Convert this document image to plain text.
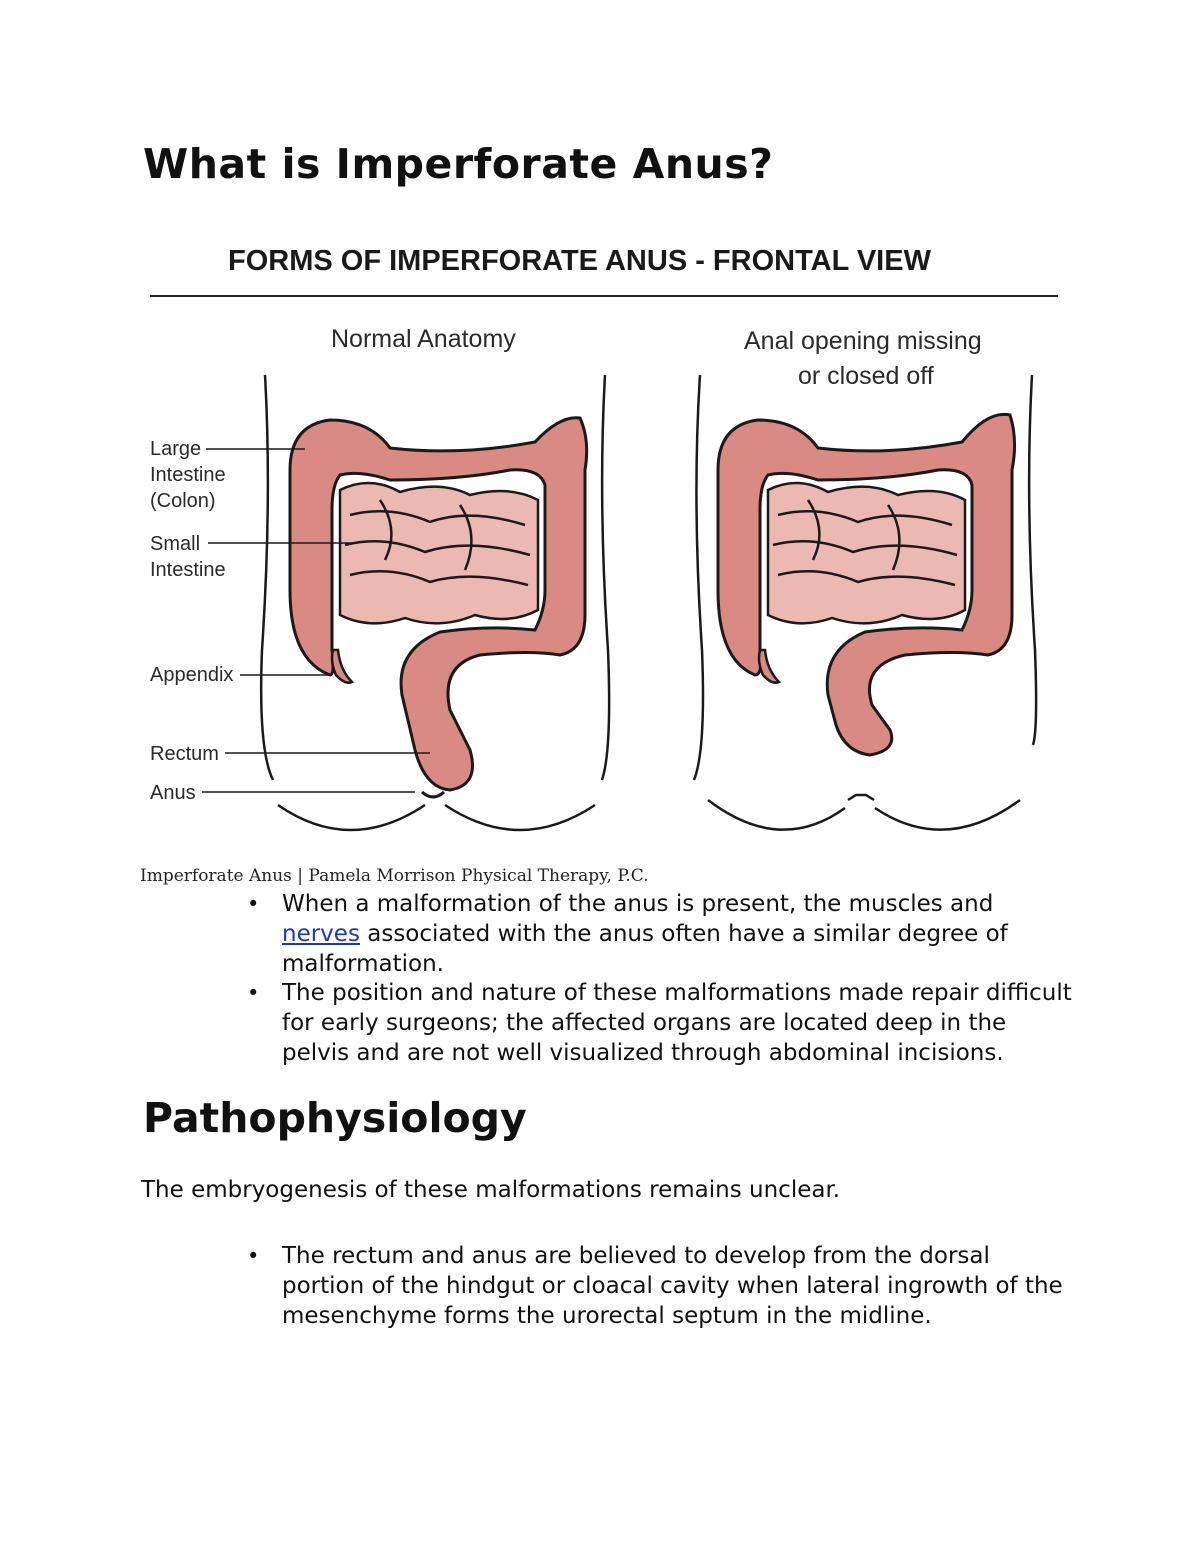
What is Imperforate Anus?
FORMS OF IMPERFORATE ANUS - FRONTAL VIEW
Normal Anatomy
Large
Intestine
(Colon)
Small
Intestine
Appendix
Rectum
Anus
Anal opening missing
or closed off

Imperforate Anus | Pamela Morrison Physical Therapy, P.C.

• When a malformation of the anus is present, the muscles and nerves associated with the anus often have a similar degree of malformation.
• The position and nature of these malformations made repair difficult for early surgeons; the affected organs are located deep in the pelvis and are not well visualized through abdominal incisions.
Pathophysiology

The embryogenesis of these malformations remains unclear.

• The rectum and anus are believed to develop from the dorsal portion of the hindgut or cloacal cavity when lateral ingrowth of the mesenchyme forms the urorectal septum in the midline.
